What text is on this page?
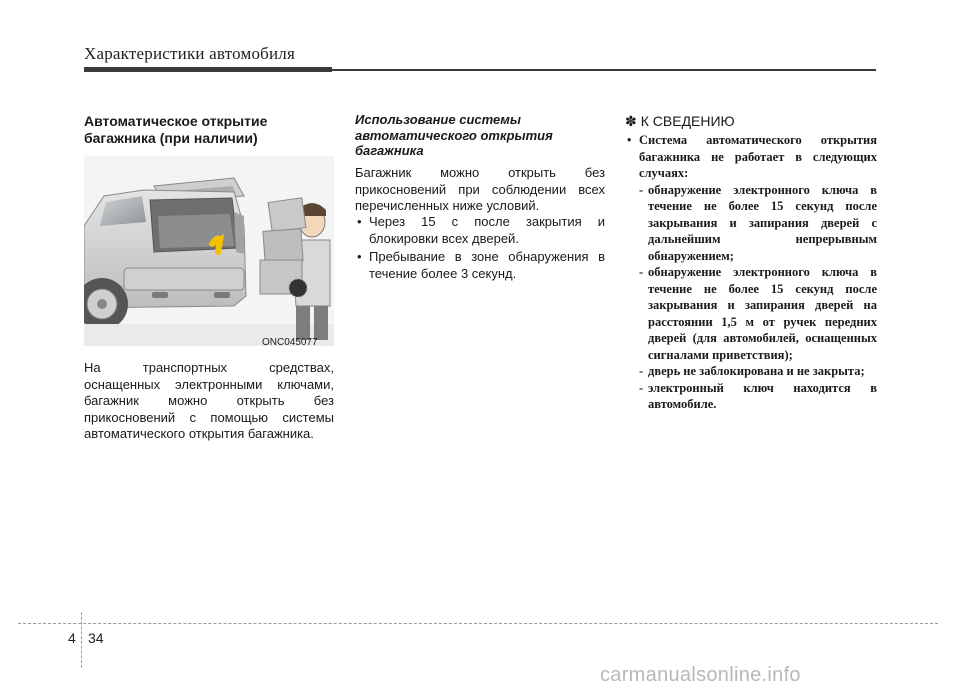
Характеристики автомобиля
Автоматическое открытие багажника (при наличии)
ONC045077
На транспортных средствах, оснащенных электронными ключами, багажник можно открыть без прикосновений с помощью системы автоматического открытия багажника.
Использование системы автоматического открытия багажника
Багажник можно открыть без прикосновений при соблюдении всех перечисленных ниже условий.
• Через 15 с после закрытия и блокировки всех дверей.
• Пребывание в зоне обнаружения в течение более 3 секунд.
✽ К СВЕДЕНИЮ
• Система автоматического открытия багажника не работает в следующих случаях:
- обнаружение электронного ключа в течение не более 15 секунд после закрывания и запирания дверей с дальнейшим непрерывным обнаружением;
- обнаружение электронного ключа в течение не более 15 секунд после закрывания и запирания дверей на расстоянии 1,5 м от ручек передних дверей (для автомобилей, оснащенных сигналами приветствия);
- дверь не заблокирована и не закрыта;
- электронный ключ находится в автомобиле.
4 34
carmanualsonline.info
